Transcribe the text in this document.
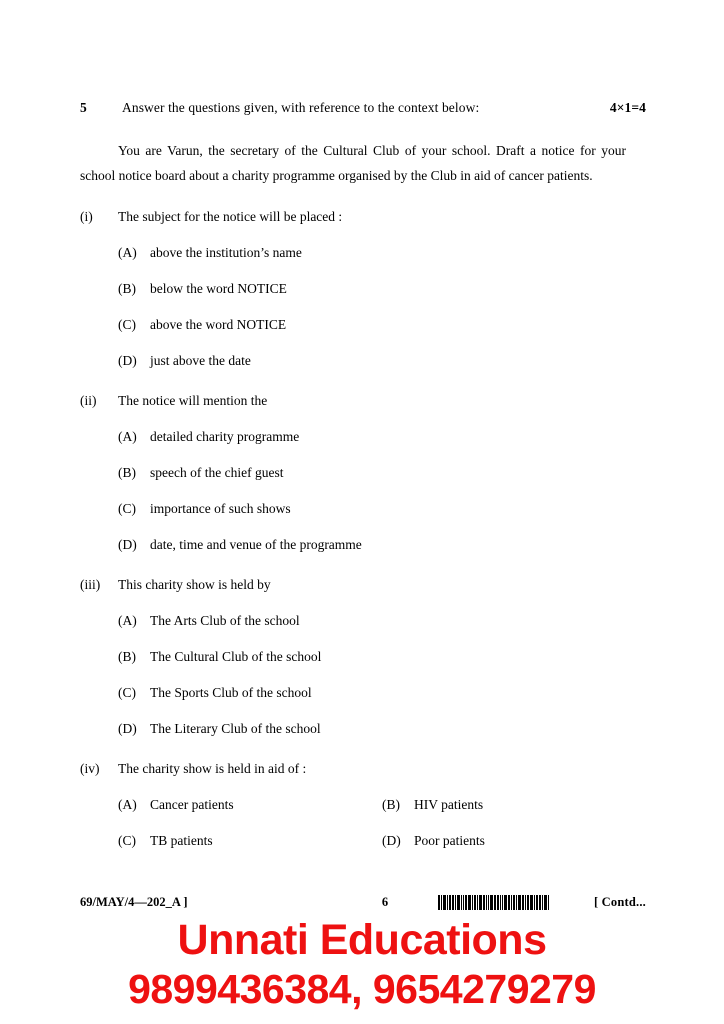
5	Answer the questions given, with reference to the context below:	4×1=4
You are Varun, the secretary of the Cultural Club of your school. Draft a notice for your school notice board about a charity programme organised by the Club in aid of cancer patients.
(i)	The subject for the notice will be placed :
(A) above the institution’s name
(B)	below the word NOTICE
(C)	above the word NOTICE
(D) just above the date
(ii)	The notice will mention the
(A) detailed charity programme
(B)	speech of the chief guest
(C)	importance of such shows
(D) date, time and venue of the programme
(iii)	This charity show is held by
(A) The Arts Club of the school
(B)	The Cultural Club of the school
(C)	The Sports Club of the school
(D) The Literary Club of the school
(iv)	The charity show is held in aid of :
(A) Cancer patients	(B)	HIV patients
(C)	TB patients	(D) Poor patients
69/MAY/4—202_A ]	6	[ Contd...
Unnati Educations
9899436384, 9654279279
